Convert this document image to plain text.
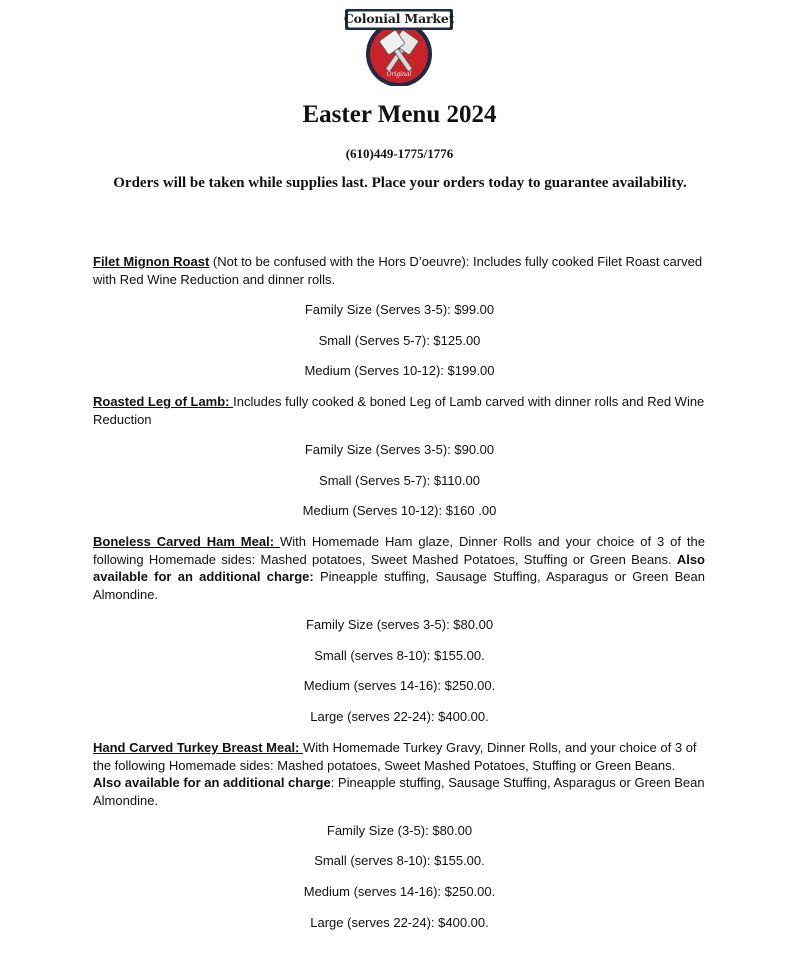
Colonial Market
Original
Easter Menu 2024
(610)449-1775/1776
Orders will be taken while supplies last. Place your orders today to guarantee availability.
Filet Mignon Roast (Not to be confused with the Hors D’oeuvre): Includes fully cooked Filet Roast carved with Red Wine Reduction and dinner rolls.
Family Size (Serves 3-5): $99.00
Small (Serves 5-7): $125.00
Medium (Serves 10-12): $199.00
Roasted Leg of Lamb: Includes fully cooked & boned Leg of Lamb carved with dinner rolls and Red Wine Reduction
Family Size (Serves 3-5): $90.00
Small (Serves 5-7): $110.00
Medium (Serves 10-12): $160 .00
Boneless Carved Ham Meal: With Homemade Ham glaze, Dinner Rolls and your choice of 3 of the following Homemade sides: Mashed potatoes, Sweet Mashed Potatoes, Stuffing or Green Beans. Also available for an additional charge: Pineapple stuffing, Sausage Stuffing, Asparagus or Green Bean Almondine.
Family Size (serves 3-5): $80.00
Small (serves 8-10): $155.00.
Medium (serves 14-16): $250.00.
Large (serves 22-24): $400.00.
Hand Carved Turkey Breast Meal: With Homemade Turkey Gravy, Dinner Rolls, and your choice of 3 of the following Homemade sides: Mashed potatoes, Sweet Mashed Potatoes, Stuffing or Green Beans. Also available for an additional charge: Pineapple stuffing, Sausage Stuffing, Asparagus or Green Bean Almondine.
Family Size (3-5): $80.00
Small (serves 8-10): $155.00.
Medium (serves 14-16): $250.00.
Large (serves 22-24): $400.00.
